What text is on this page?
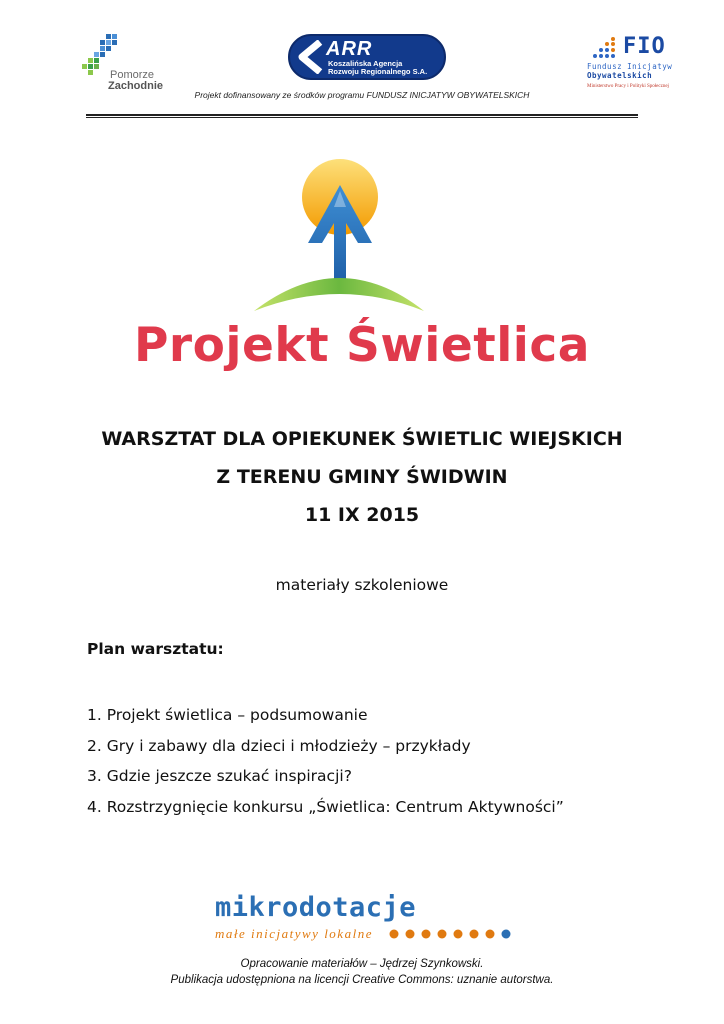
Pomorze
Zachodnie
ARR
Koszalińska Agencja
Rozwoju Regionalnego S.A.
FIO
Fundusz Inicjatyw
Obywatelskich
Ministerstwo Pracy i Polityki Społecznej
Projekt dofinansowany ze środków programu FUNDUSZ INICJATYW OBYWATELSKICH
Projekt Świetlica
WARSZTAT DLA OPIEKUNEK ŚWIETLIC WIEJSKICH
Z TERENU GMINY ŚWIDWIN
11 IX 2015
materiały szkoleniowe
Plan warsztatu:
1. Projekt świetlica – podsumowanie
2. Gry i zabawy dla dzieci i młodzieży – przykłady
3. Gdzie jeszcze szukać inspiracji?
4. Rozstrzygnięcie konkursu „Świetlica: Centrum Aktywności”
mikrodotacje
małe inicjatywy lokalne
Opracowanie materiałów – Jędrzej Szynkowski.
Publikacja udostępniona na licencji Creative Commons: uznanie autorstwa.
